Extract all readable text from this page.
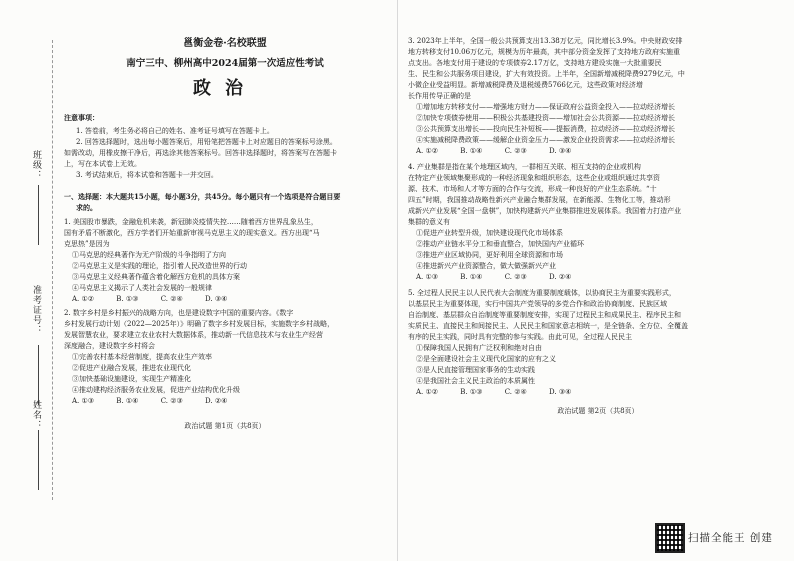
班级：
准考证号：
姓名：

邕衡金卷·名校联盟

南宁三中、柳州高中2024届第一次适应性考试

政治

注意事项：

1. 答卷前，考生务必将自己的姓名、准考证号填写在答题卡上。

2. 回答选择题时，选出每小题答案后，用铅笔把答题卡上对应题目的答案标号涂黑。

如需改动，用橡皮擦干净后，再选涂其他答案标号。回答非选择题时，将答案写在答题卡

上，写在本试卷上无效。

3. 考试结束后，将本试卷和答题卡一并交回。

一、选择题：本大题共15小题，每小题3分，共45分。每小题只有一个选项是符合题目要

求的。

1. 美国股市暴跌，金融危机来袭，新冠肺炎疫情失控……随着西方世界乱象丛生，

国有矛盾不断激化，西方学者们开始重新审视马克思主义的现实意义。西方出现“马

克思热”是因为

①马克思的经典著作为无产阶级的斗争指明了方向

②马克思主义是实践的理论，指引着人民改造世界的行动

③马克思主义经典著作蕴含着化解西方危机的具体方案

④马克思主义揭示了人类社会发展的一般规律

A. ①②          B. ①③          C. ②④          D. ③④

2. 数字乡村是乡村振兴的战略方向，也是建设数字中国的重要内容。《数字

乡村发展行动计划（2022—2025年）》明确了数字乡村发展目标，实施数字乡村战略，

发展智慧农业，要求建立农业农村大数据体系，推动新一代信息技术与农业生产经营

深度融合，建设数字乡村将会

①完善农村基本经营制度，提高农业生产效率

②促进产业融合发展，推进农业现代化

③加快基础设施建设，实现生产精准化

④推动建构经济服务农业发展，促进产业结构优化升级

A. ①③          B. ①④          C. ②③          D. ②④

政治试题 第1页（共8页）

3. 2023年上半年，全国一般公共预算支出13.38万亿元，同比增长3.9%。中央财政安排

地方转移支付10.06万亿元，规模为历年最高，其中部分资金发挥了支持地方政府实施重

点支出。各地支付用于建设的专项债券2.17万亿，支持地方建设实施一大批重要民

生、民生和公共服务项目建设，扩大有效投资。上半年，全国新增减税降费9279亿元，中

小微企业受益明显。新增减税降费及退税缓费5766亿元，这些政策对经济增

长作用传导正确的是

①增加地方转移支付——增强地方财力——保证政府公益资金投入——拉动经济增长

②加快专项债券使用——积极公共基建投资——增加社会公共资源——拉动经济增长

③公共预算支出增长——投向民生补短板——提振消费，拉动经济——拉动经济增长

④实施减税降费政策——缓解企业资金压力——激发企业投资需求——拉动经济增长

A. ①②          B. ①④          C. ②③          D. ③④

4. 产业集群是指在某个地理区域内，一群相互关联、相互支持的企业或机构

在特定产业领域集聚形成的一种经济现象和组织形态，这些企业或组织通过共享资

源、技术、市场和人才等方面的合作与交流，形成一种良好的产业生态系统。“十

四五”时期，我国推动战略性新兴产业融合集群发展，在新能源、生物化工等，推动形

成新兴产业发展“全国一盘棋”，加快构建新兴产业集群推进发展体系。我国着力打造产业

集群的意义有

①促进产业转型升级，加快建设现代化市场体系

②推动产业链水平分工和垂直整合，加快国内产业循环

③推进产业区域协同，更好利用全球资源和市场

④推进新兴产业资源整合，做大做强新兴产业

A. ①③          B. ①④          C. ②③          D. ②④

5. 全过程人民民主以人民代表大会制度为重要制度载体，以协商民主为重要实践形式，

以基层民主为重要体现，实行中国共产党领导的多党合作和政治协商制度、民族区域

自治制度、基层群众自治制度等重要制度安排，实现了过程民主和成果民主、程序民主和

实质民主、直接民主和间接民主、人民民主和国家意志相统一，是全链条、全方位、全覆盖

有序的民主实践，同时具有完整的参与实践。由此可见，全过程人民民主

①保障我国人民拥有广泛权利和绝对自由

②是全面建设社会主义现代化国家的应有之义

③是人民直接管理国家事务的生动实践

④是我国社会主义民主政治的本质属性

A. ①②          B. ①③          C. ②④          D. ③④

政治试题 第2页（共8页）

扫描全能王 创建
